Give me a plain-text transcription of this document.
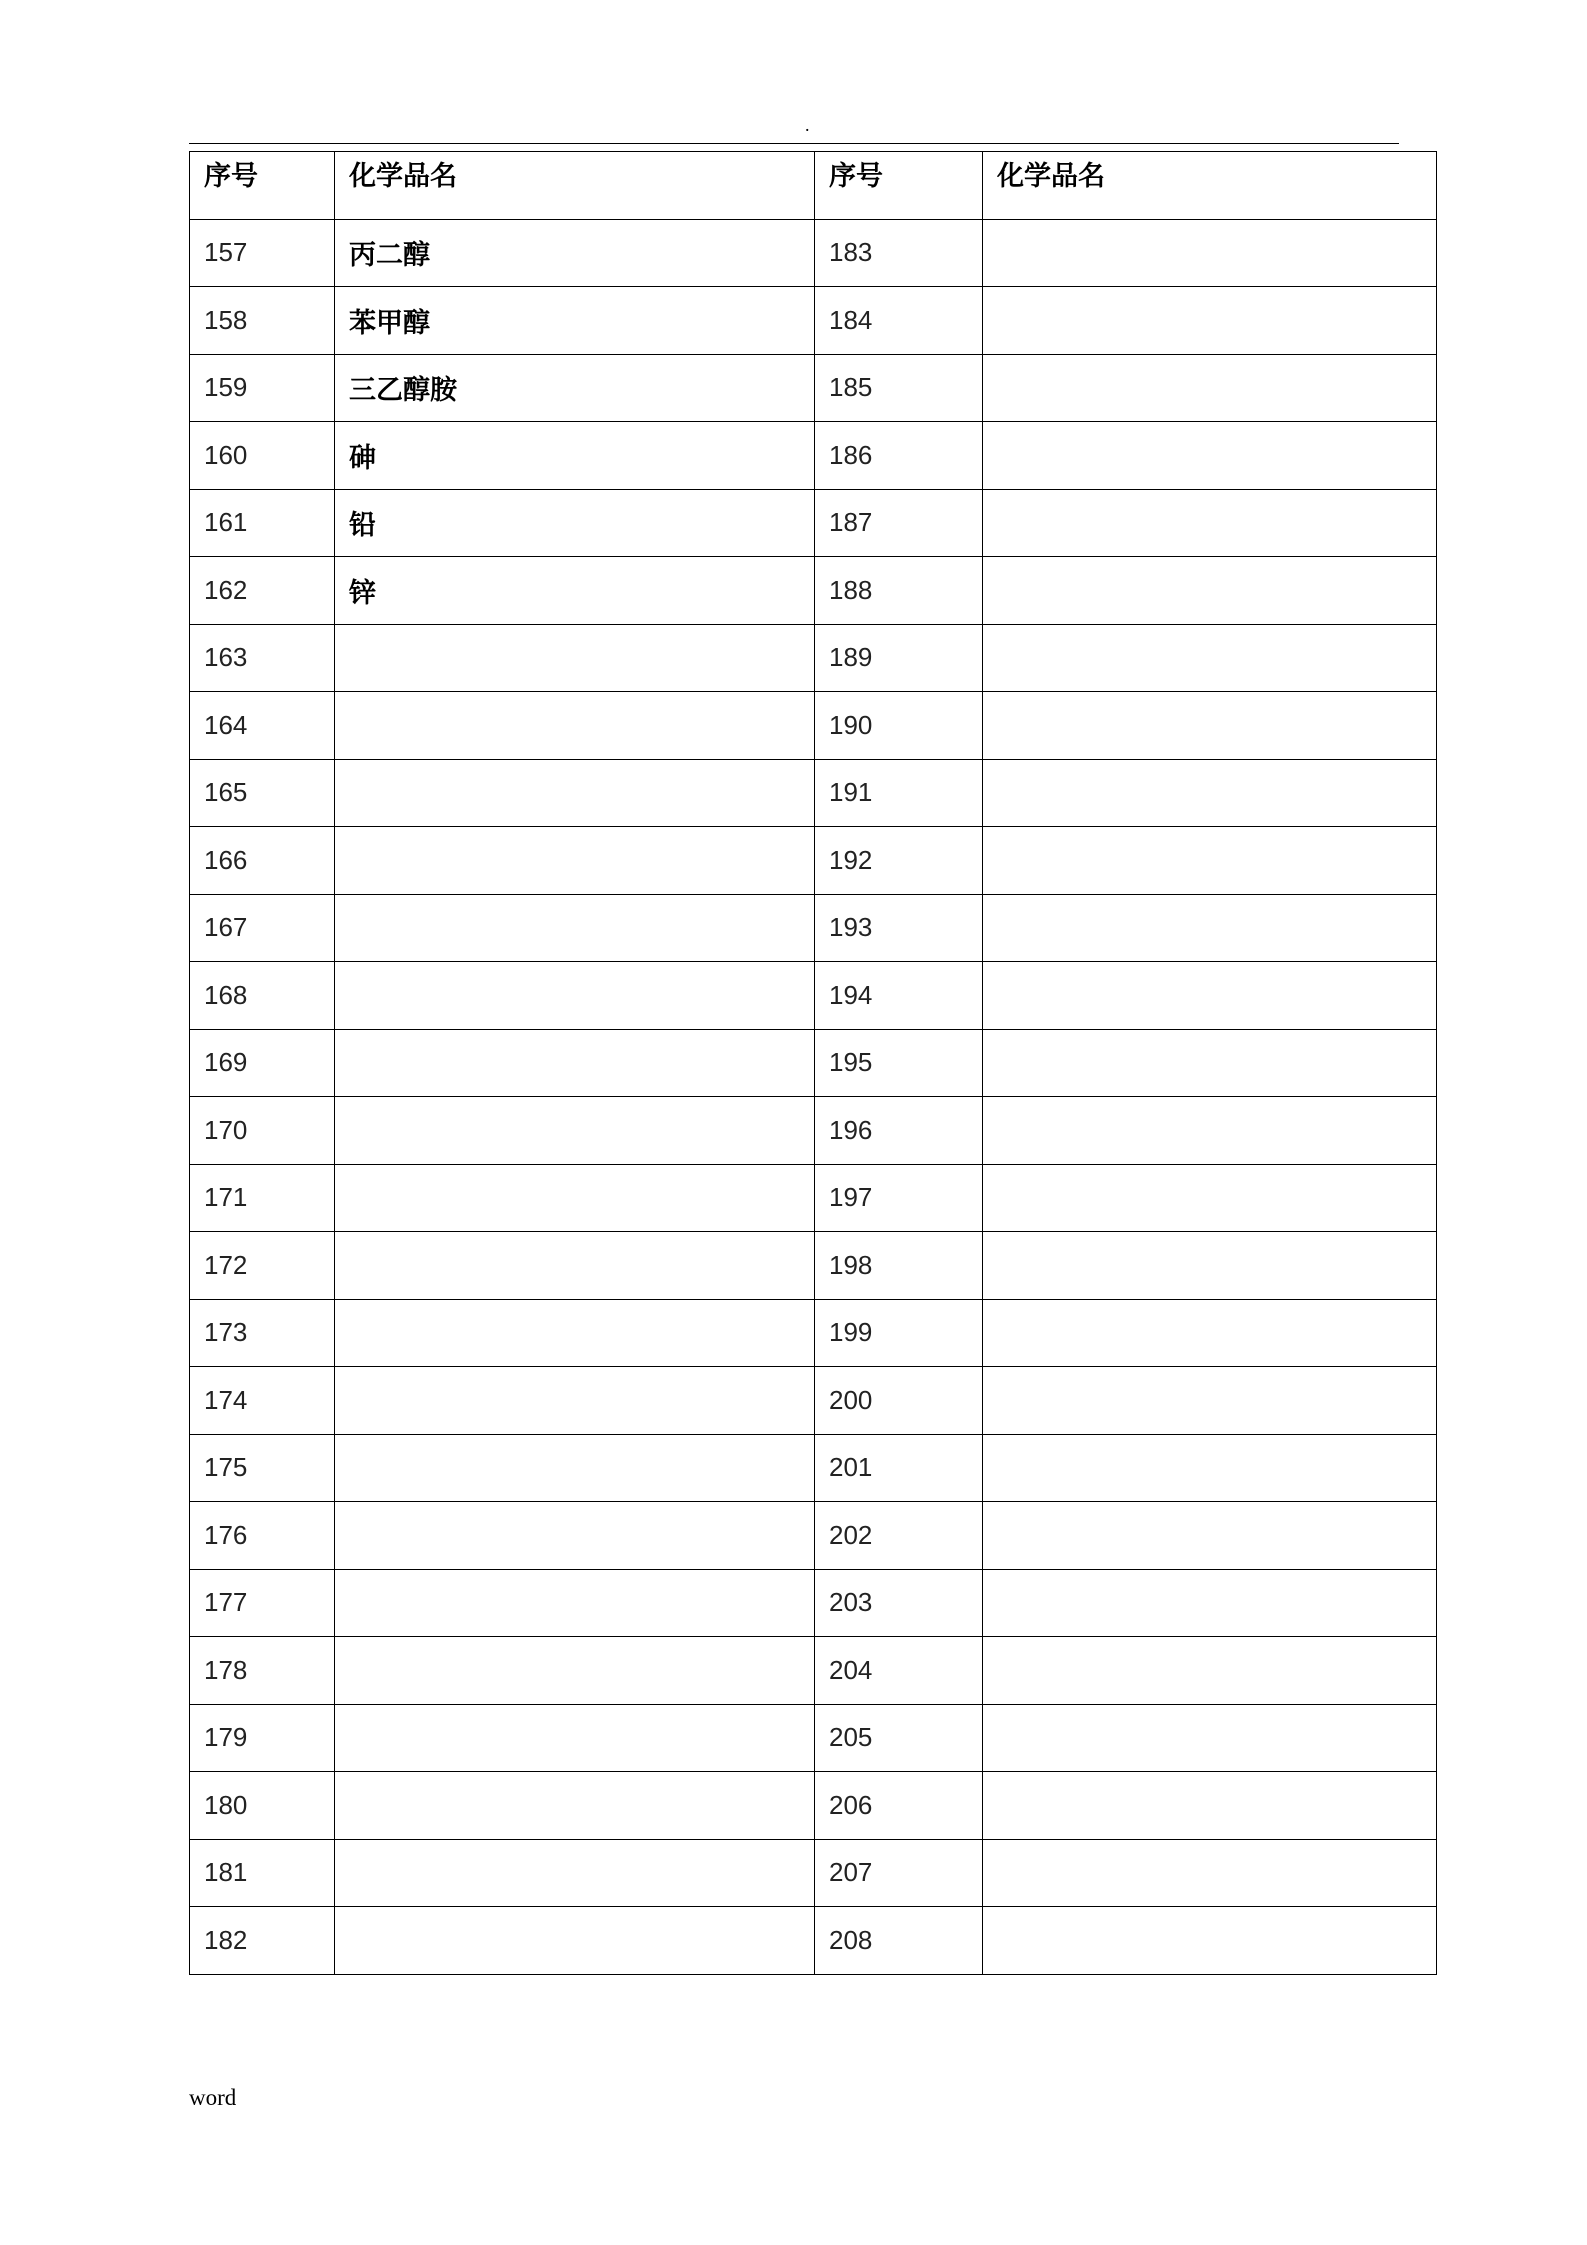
.
序号	化学品名	序号	化学品名
157	丙二醇	183	
158	苯甲醇	184	
159	三乙醇胺	185	
160	砷	186	
161	铅	187	
162	锌	188	
163		189	
164		190	
165		191	
166		192	
167		193	
168		194	
169		195	
170		196	
171		197	
172		198	
173		199	
174		200	
175		201	
176		202	
177		203	
178		204	
179		205	
180		206	
181		207	
182		208	
word
